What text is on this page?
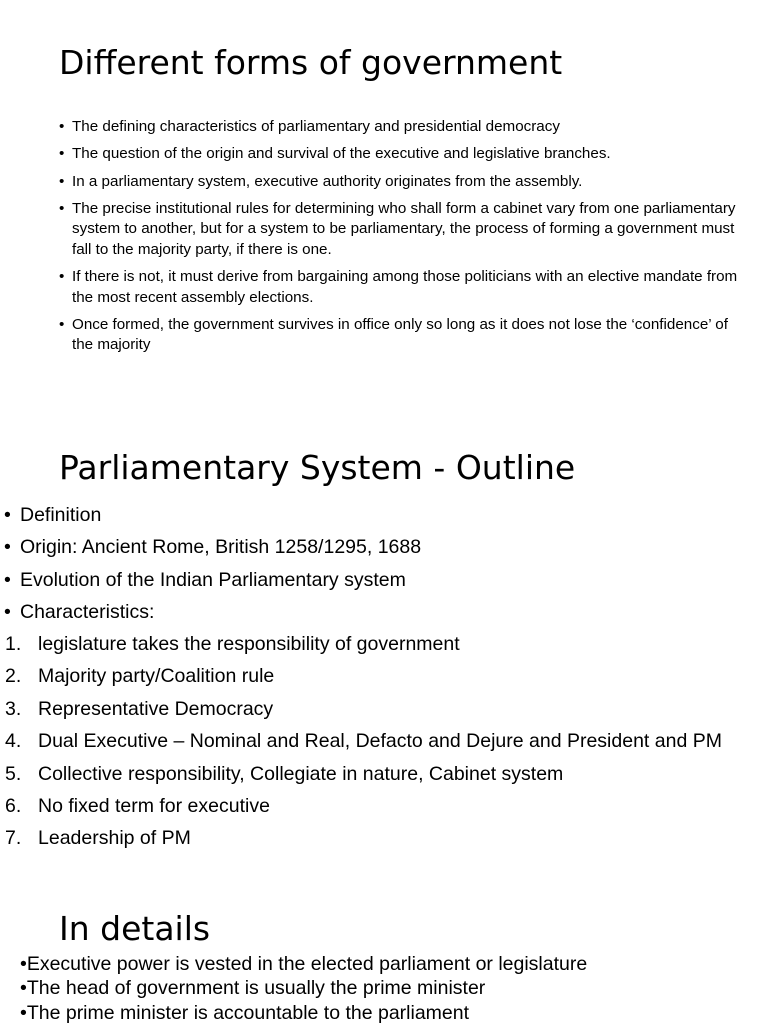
Different forms of government
• The defining characteristics of parliamentary and presidential democracy
• The question of the origin and survival of the executive and legislative branches.
• In a parliamentary system, executive authority originates from the assembly.
• The precise institutional rules for determining who shall form a cabinet vary from one parliamentary system to another, but for a system to be parliamentary, the process of forming a government must fall to the majority party, if there is one.
• If there is not, it must derive from bargaining among those politicians with an elective mandate from the most recent assembly elections.
• Once formed, the government survives in office only so long as it does not lose the ‘confidence’ of the majority
Parliamentary System - Outline
• Definition
• Origin: Ancient Rome, British 1258/1295, 1688
• Evolution of the Indian Parliamentary system
• Characteristics:
1. legislature takes the responsibility of government
2. Majority party/Coalition rule
3. Representative Democracy
4. Dual Executive – Nominal and Real, Defacto and Dejure and President and PM
5. Collective responsibility, Collegiate in nature, Cabinet system
6. No fixed term for executive
7. Leadership of PM
In details
•Executive power is vested in the elected parliament or legislature
•The head of government is usually the prime minister
•The prime minister is accountable to the parliament
